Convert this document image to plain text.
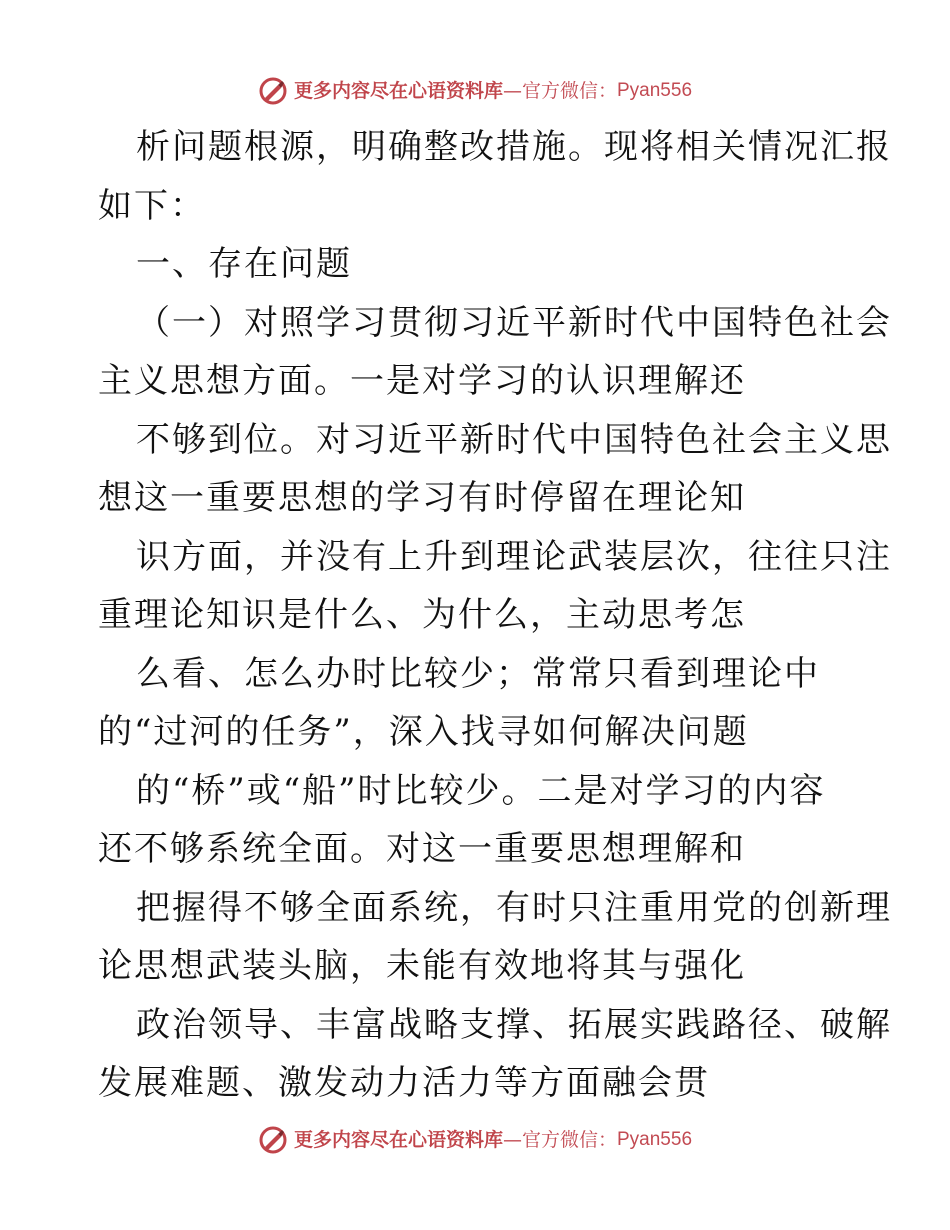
更多内容尽在心语资料库 — 官方微信： Pyan556
析问题根源，明确整改措施。现将相关情况汇报
如下：
一、存在问题
（一）对照学习贯彻习近平新时代中国特色社会
主义思想方面。一是对学习的认识理解还
不够到位。对习近平新时代中国特色社会主义思
想这一重要思想的学习有时停留在理论知
识方面，并没有上升到理论武装层次，往往只注
重理论知识是什么、为什么，主动思考怎
么看、怎么办时比较少；常常只看到理论中
的“过河的任务”，深入找寻如何解决问题
的“桥”或“船”时比较少。二是对学习的内容
还不够系统全面。对这一重要思想理解和
把握得不够全面系统，有时只注重用党的创新理
论思想武装头脑，未能有效地将其与强化
政治领导、丰富战略支撑、拓展实践路径、破解
发展难题、激发动力活力等方面融会贯
更多内容尽在心语资料库 — 官方微信： Pyan556
